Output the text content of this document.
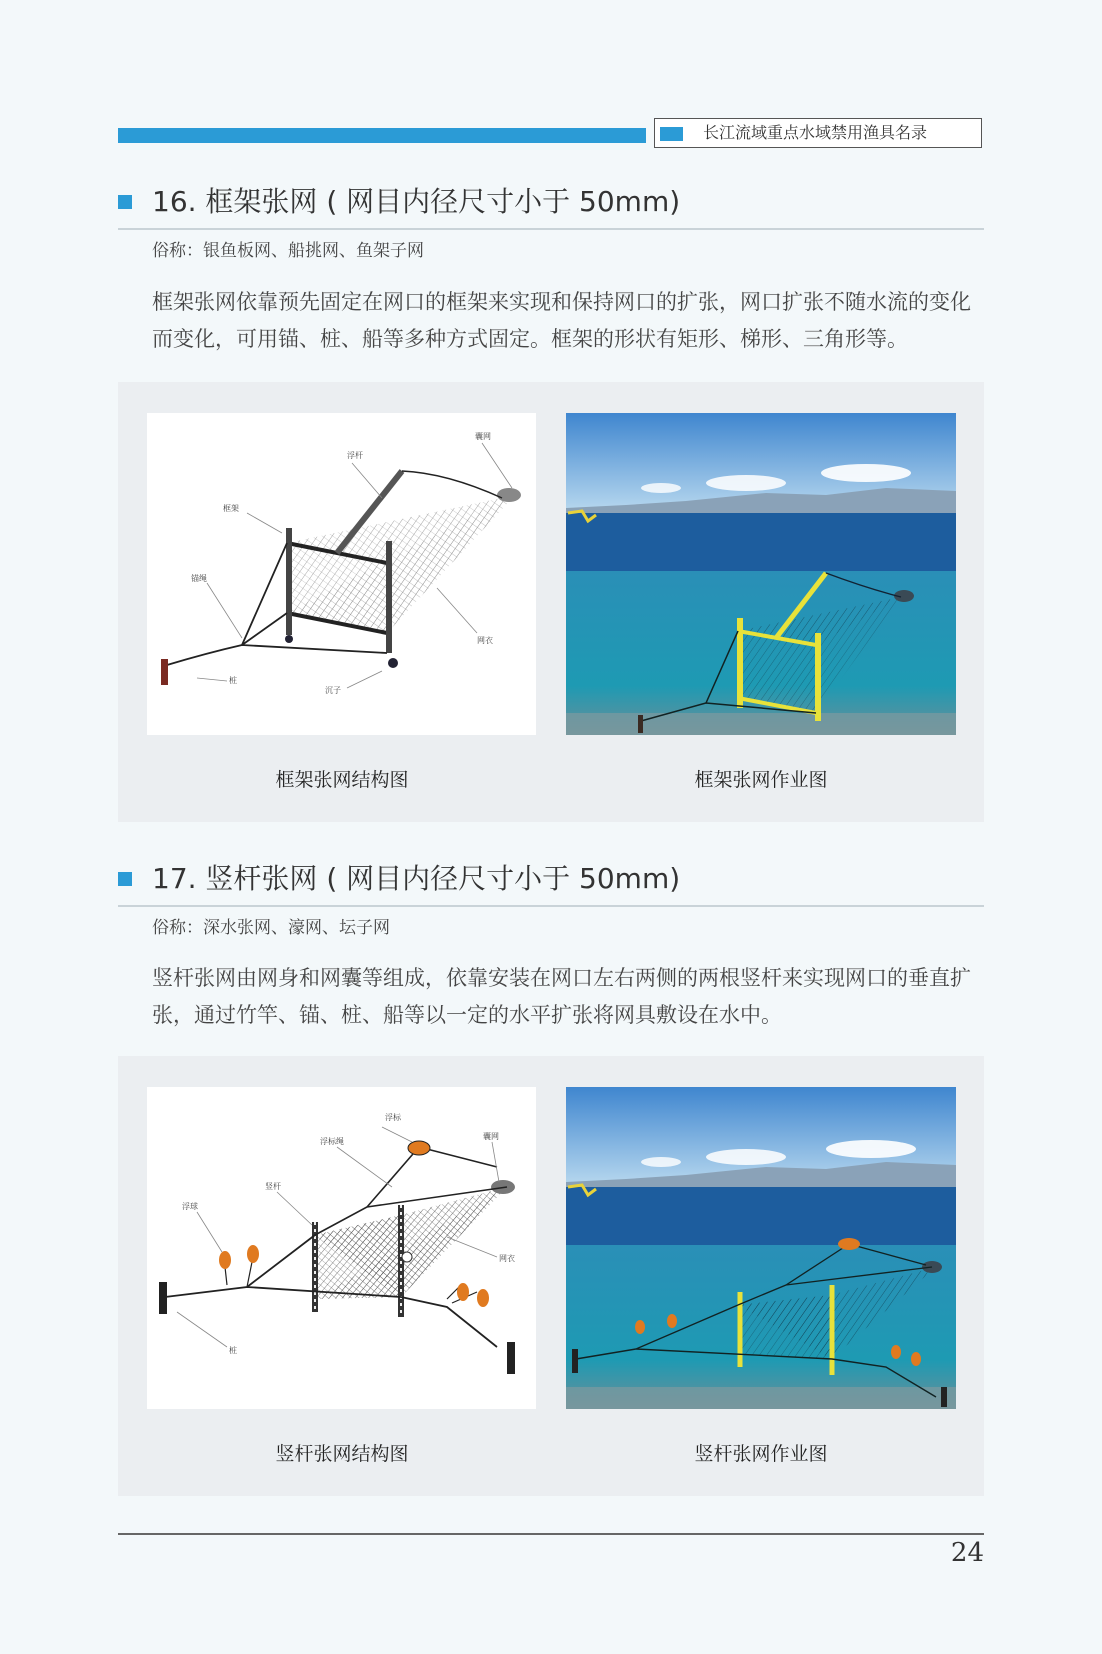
长江流域重点水域禁用渔具名录
16. 框架张网 ( 网目内径尺寸小于 50mm)
俗称：银鱼板网、船挑网、鱼架子网
框架张网依靠预先固定在网口的框架来实现和保持网口的扩张，网口扩张不随水流的变化而变化，可用锚、桩、船等多种方式固定。框架的形状有矩形、梯形、三角形等。
浮杆
囊网
框架
锚绳
网衣
桩
沉子
框架张网结构图	框架张网作业图
17. 竖杆张网 ( 网目内径尺寸小于 50mm)
俗称：深水张网、濠网、坛子网
竖杆张网由网身和网囊等组成，依靠安装在网口左右两侧的两根竖杆来实现网口的垂直扩张，通过竹竿、锚、桩、船等以一定的水平扩张将网具敷设在水中。
浮标
浮标绳
囊网
竖杆
浮球
网衣
桩
竖杆张网结构图	竖杆张网作业图
24
